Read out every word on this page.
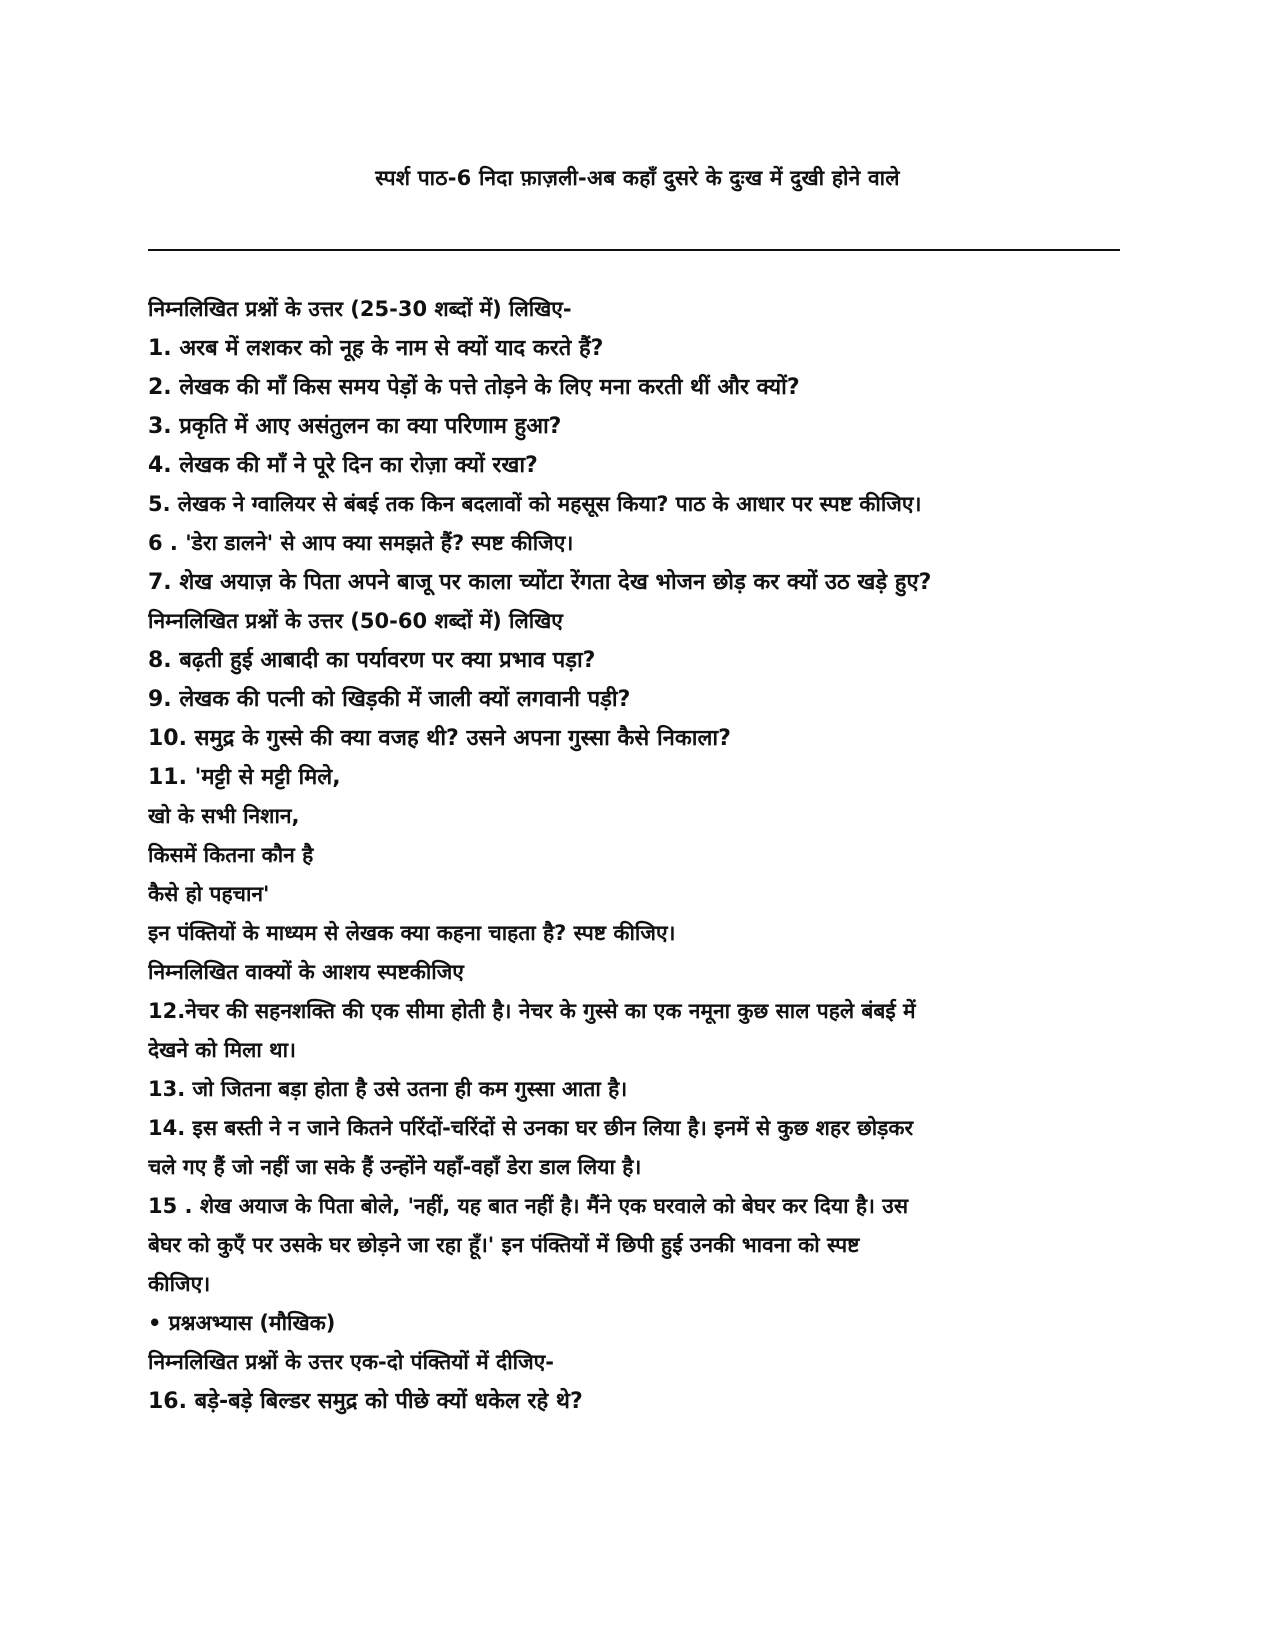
स्पर्श पाठ-6 निदा फ़ाज़ली-अब कहाँ दुसरे के दुःख में दुखी होने वाले
निम्नलिखित प्रश्नों के उत्तर (25-30 शब्दों में) लिखिए-
1. अरब में लशकर को नूह के नाम से क्यों याद करते हैं?
2. लेखक की माँ किस समय पेड़ों के पत्ते तोड़ने के लिए मना करती थीं और क्यों?
3. प्रकृति में आए असंतुलन का क्या परिणाम हुआ?
4. लेखक की माँ ने पूरे दिन का रोज़ा क्यों रखा?
5. लेखक ने ग्वालियर से बंबई तक किन बदलावों को महसूस किया? पाठ के आधार पर स्पष्ट कीजिए।
6 . 'डेरा डालने' से आप क्या समझते हैं? स्पष्ट कीजिए।
7. शेख अयाज़ के पिता अपने बाजू पर काला च्योंटा रेंगता देख भोजन छोड़ कर क्यों उठ खड़े हुए?
निम्नलिखित प्रश्नों के उत्तर (50-60 शब्दों में) लिखिए
8. बढ़ती हुई आबादी का पर्यावरण पर क्या प्रभाव पड़ा?
9. लेखक की पत्नी को खिड़की में जाली क्यों लगवानी पड़ी?
10. समुद्र के गुस्से की क्या वजह थी? उसने अपना गुस्सा कैसे निकाला?
11. 'मट्टी से मट्टी मिले,
खो के सभी निशान,
किसमें कितना कौन है
कैसे हो पहचान'
इन पंक्तियों के माध्यम से लेखक क्या कहना चाहता है? स्पष्ट कीजिए।
निम्नलिखित वाक्यों के आशय स्पष्टकीजिए
12.नेचर की सहनशक्ति की एक सीमा होती है। नेचर के गुस्से का एक नमूना कुछ साल पहले बंबई में
देखने को मिला था।
13. जो जितना बड़ा होता है उसे उतना ही कम गुस्सा आता है।
14. इस बस्ती ने न जाने कितने परिंदों-चरिंदों से उनका घर छीन लिया है। इनमें से कुछ शहर छोड़कर
चले गए हैं जो नहीं जा सके हैं उन्होंने यहाँ-वहाँ डेरा डाल लिया है।
15 . शेख अयाज के पिता बोले, 'नहीं, यह बात नहीं है। मैंने एक घरवाले को बेघर कर दिया है। उस
बेघर को कुएँ पर उसके घर छोड़ने जा रहा हूँ।' इन पंक्तियों में छिपी हुई उनकी भावना को स्पष्ट
कीजिए।
• प्रश्नअभ्यास (मौखिक)
निम्नलिखित प्रश्नों के उत्तर एक-दो पंक्तियों में दीजिए-
16. बड़े-बड़े बिल्डर समुद्र को पीछे क्यों धकेल रहे थे?
